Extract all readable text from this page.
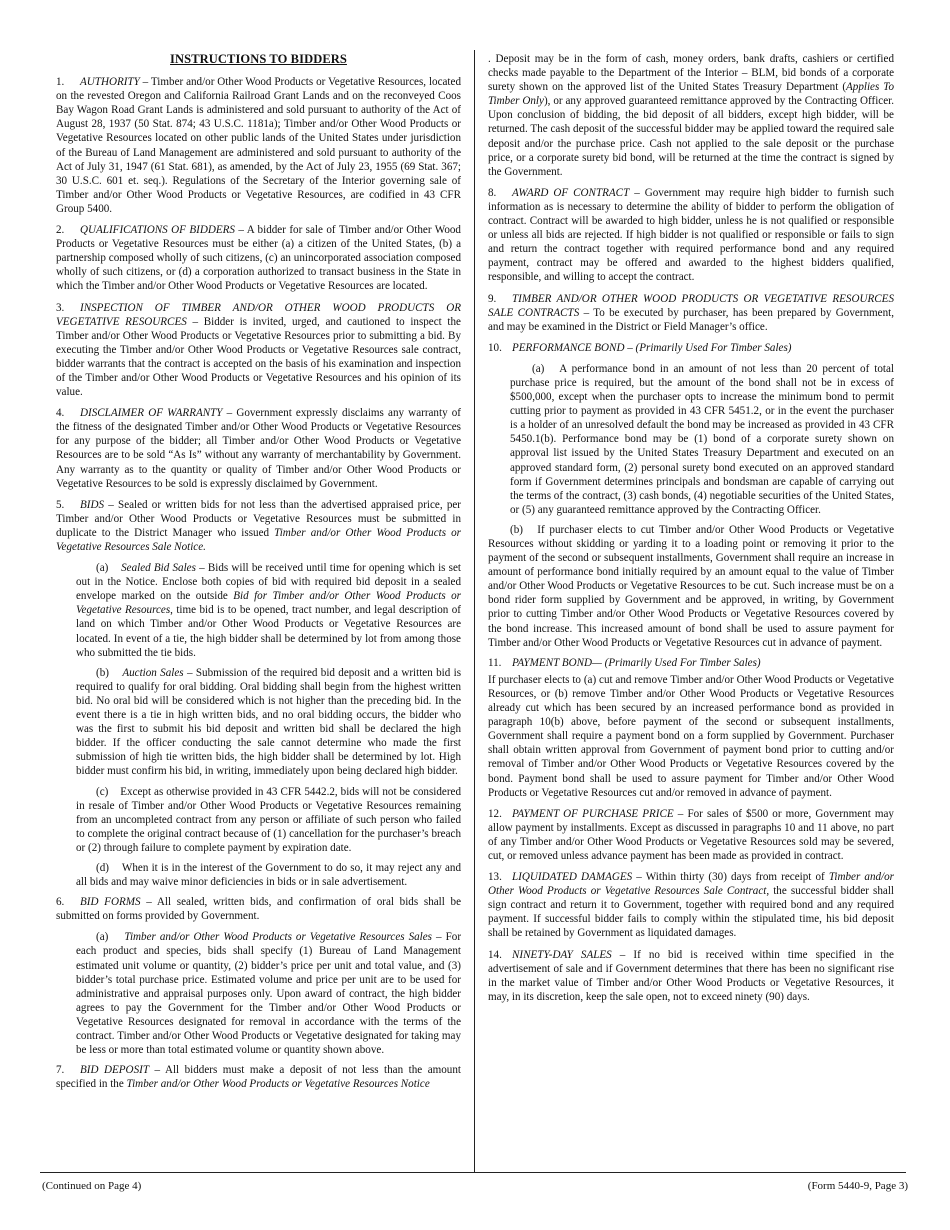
INSTRUCTIONS TO BIDDERS

1. AUTHORITY – Timber and/or Other Wood Products or Vegetative Resources, located on the revested Oregon and California Railroad Grant Lands and on the reconveyed Coos Bay Wagon Road Grant Lands is administered and sold pursuant to authority of the Act of August 28, 1937 (50 Stat. 874; 43 U.S.C. 1181a); Timber and/or Other Wood Products or Vegetative Resources located on other public lands of the United States under jurisdiction of the Bureau of Land Management are administered and sold pursuant to authority of the Act of July 31, 1947 (61 Stat. 681), as amended, by the Act of July 23, 1955 (69 Stat. 367; 30 U.S.C. 601 et. seq.). Regulations of the Secretary of the Interior governing sale of Timber and/or Other Wood Products or Vegetative Resources, are codified in 43 CFR Group 5400.

2. QUALIFICATIONS OF BIDDERS – A bidder for sale of Timber and/or Other Wood Products or Vegetative Resources must be either (a) a citizen of the United States, (b) a partnership composed wholly of such citizens, (c) an unincorporated association composed wholly of such citizens, or (d) a corporation authorized to transact business in the State in which the Timber and/or Other Wood Products or Vegetative Resources are located.

3. INSPECTION OF TIMBER AND/OR OTHER WOOD PRODUCTS OR VEGETATIVE RESOURCES – Bidder is invited, urged, and cautioned to inspect the Timber and/or Other Wood Products or Vegetative Resources prior to submitting a bid. By executing the Timber and/or Other Wood Products or Vegetative Resources sale contract, bidder warrants that the contract is accepted on the basis of his examination and inspection of the Timber and/or Other Wood Products or Vegetative Resources and his opinion of its value.

4. DISCLAIMER OF WARRANTY – Government expressly disclaims any warranty of the fitness of the designated Timber and/or Other Wood Products or Vegetative Resources for any purpose of the bidder; all Timber and/or Other Wood Products or Vegetative Resources are to be sold “As Is” without any warranty of merchantability by Government. Any warranty as to the quantity or quality of Timber and/or Other Wood Products or Vegetative Resources to be sold is expressly disclaimed by Government.

5. BIDS – Sealed or written bids for not less than the advertised appraised price, per Timber and/or Other Wood Products or Vegetative Resources must be submitted in duplicate to the District Manager who issued Timber and/or Other Wood Products or Vegetative Resources Sale Notice.

(a) Sealed Bid Sales – Bids will be received until time for opening which is set out in the Notice. Enclose both copies of bid with required bid deposit in a sealed envelope marked on the outside Bid for Timber and/or Other Wood Products or Vegetative Resources, time bid is to be opened, tract number, and legal description of land on which Timber and/or Other Wood Products or Vegetative Resources are located. In event of a tie, the high bidder shall be determined by lot from among those who submitted the tie bids.

(b) Auction Sales – Submission of the required bid deposit and a written bid is required to qualify for oral bidding. Oral bidding shall begin from the highest written bid. No oral bid will be considered which is not higher than the preceding bid. In the event there is a tie in high written bids, and no oral bidding occurs, the bidder who was the first to submit his bid deposit and written bid shall be declared the high bidder. If the officer conducting the sale cannot determine who made the first submission of high tie written bids, the high bidder shall be determined by lot. High bidder must confirm his bid, in writing, immediately upon being declared high bidder.

(c) Except as otherwise provided in 43 CFR 5442.2, bids will not be considered in resale of Timber and/or Other Wood Products or Vegetative Resources remaining from an uncompleted contract from any person or affiliate of such person who failed to complete the original contract because of (1) cancellation for the purchaser’s breach or (2) through failure to complete payment by expiration date.

(d) When it is in the interest of the Government to do so, it may reject any and all bids and may waive minor deficiencies in bids or in sale advertisement.

6. BID FORMS – All sealed, written bids, and confirmation of oral bids shall be submitted on forms provided by Government.

(a) Timber and/or Other Wood Products or Vegetative Resources Sales – For each product and species, bids shall specify (1) Bureau of Land Management estimated unit volume or quantity, (2) bidder’s price per unit and total value, and (3) bidder’s total purchase price. Estimated volume and price per unit are to be used for administrative and appraisal purposes only. Upon award of contract, the high bidder agrees to pay the Government for the Timber and/or Other Wood Products or Vegetative Resources designated for removal in accordance with the terms of the contract. Timber and/or Other Wood Products or Vegetative designated for taking may be less or more than total estimated volume or quantity shown above.

7. BID DEPOSIT – All bidders must make a deposit of not less than the amount specified in the Timber and/or Other Wood Products or Vegetative Resources Notice

. Deposit may be in the form of cash, money orders, bank drafts, cashiers or certified checks made payable to the Department of the Interior – BLM, bid bonds of a corporate surety shown on the approved list of the United States Treasury Department (Applies To Timber Only), or any approved guaranteed remittance approved by the Contracting Officer. Upon conclusion of bidding, the bid deposit of all bidders, except high bidder, will be returned. The cash deposit of the successful bidder may be applied toward the required sale deposit and/or the purchase price. Cash not applied to the sale deposit or the purchase price, or a corporate surety bid bond, will be returned at the time the contract is signed by the Government.

8. AWARD OF CONTRACT – Government may require high bidder to furnish such information as is necessary to determine the ability of bidder to perform the obligation of contract. Contract will be awarded to high bidder, unless he is not qualified or responsible or unless all bids are rejected. If high bidder is not qualified or responsible or fails to sign and return the contract together with required performance bond and any required payment, contract may be offered and awarded to the highest bidders qualified, responsible, and willing to accept the contract.

9. TIMBER AND/OR OTHER WOOD PRODUCTS OR VEGETATIVE RESOURCES SALE CONTRACTS – To be executed by purchaser, has been prepared by Government, and may be examined in the District or Field Manager’s office.

10. PERFORMANCE BOND – (Primarily Used For Timber Sales)

(a) A performance bond in an amount of not less than 20 percent of total purchase price is required, but the amount of the bond shall not be in excess of $500,000, except when the purchaser opts to increase the minimum bond to permit cutting prior to payment as provided in 43 CFR 5451.2, or in the event the purchaser is a holder of an unresolved default the bond may be increased as provided in 43 CFR 5450.1(b). Performance bond may be (1) bond of a corporate surety shown on approval list issued by the United States Treasury Department and executed on an approved standard form, (2) personal surety bond executed on an approved standard form if Government determines principals and bondsman are capable of carrying out the terms of the contract, (3) cash bonds, (4) negotiable securities of the United States, or (5) any guaranteed remittance approved by the Contracting Officer.

(b) If purchaser elects to cut Timber and/or Other Wood Products or Vegetative Resources without skidding or yarding it to a loading point or removing it prior to the payment of the second or subsequent installments, Government shall require an increase in amount of performance bond initially required by an amount equal to the value of Timber and/or Other Wood Products or Vegetative Resources to be cut. Such increase must be on a bond rider form supplied by Government and be approved, in writing, by Government prior to cutting Timber and/or Other Wood Products or Vegetative Resources covered by the bond increase. This increased amount of bond shall be used to assure payment for Timber and/or Other Wood Products or Vegetative Resources cut in advance of payment.

11. PAYMENT BOND— (Primarily Used For Timber Sales)

If purchaser elects to (a) cut and remove Timber and/or Other Wood Products or Vegetative Resources, or (b) remove Timber and/or Other Wood Products or Vegetative Resources already cut which has been secured by an increased performance bond as provided in paragraph 10(b) above, before payment of the second or subsequent installments, Government shall require a payment bond on a form supplied by Government. Purchaser shall obtain written approval from Government of payment bond prior to cutting and/or removal of Timber and/or Other Wood Products or Vegetative Resources covered by the bond. Payment bond shall be used to assure payment for Timber and/or Other Wood Products or Vegetative Resources cut and/or removed in advance of payment.

12. PAYMENT OF PURCHASE PRICE – For sales of $500 or more, Government may allow payment by installments. Except as discussed in paragraphs 10 and 11 above, no part of any Timber and/or Other Wood Products or Vegetative Resources sold may be severed, cut, or removed unless advance payment has been made as provided in contract.

13. LIQUIDATED DAMAGES – Within thirty (30) days from receipt of Timber and/or Other Wood Products or Vegetative Resources Sale Contract, the successful bidder shall sign contract and return it to Government, together with required bond and any required payment. If successful bidder fails to comply within the stipulated time, his bid deposit shall be retained by Government as liquidated damages.

14. NINETY-DAY SALES – If no bid is received within time specified in the advertisement of sale and if Government determines that there has been no significant rise in the market value of Timber and/or Other Wood Products or Vegetative Resources, it may, in its discretion, keep the sale open, not to exceed ninety (90) days.

(Continued on Page 4)	(Form 5440-9, Page 3)
